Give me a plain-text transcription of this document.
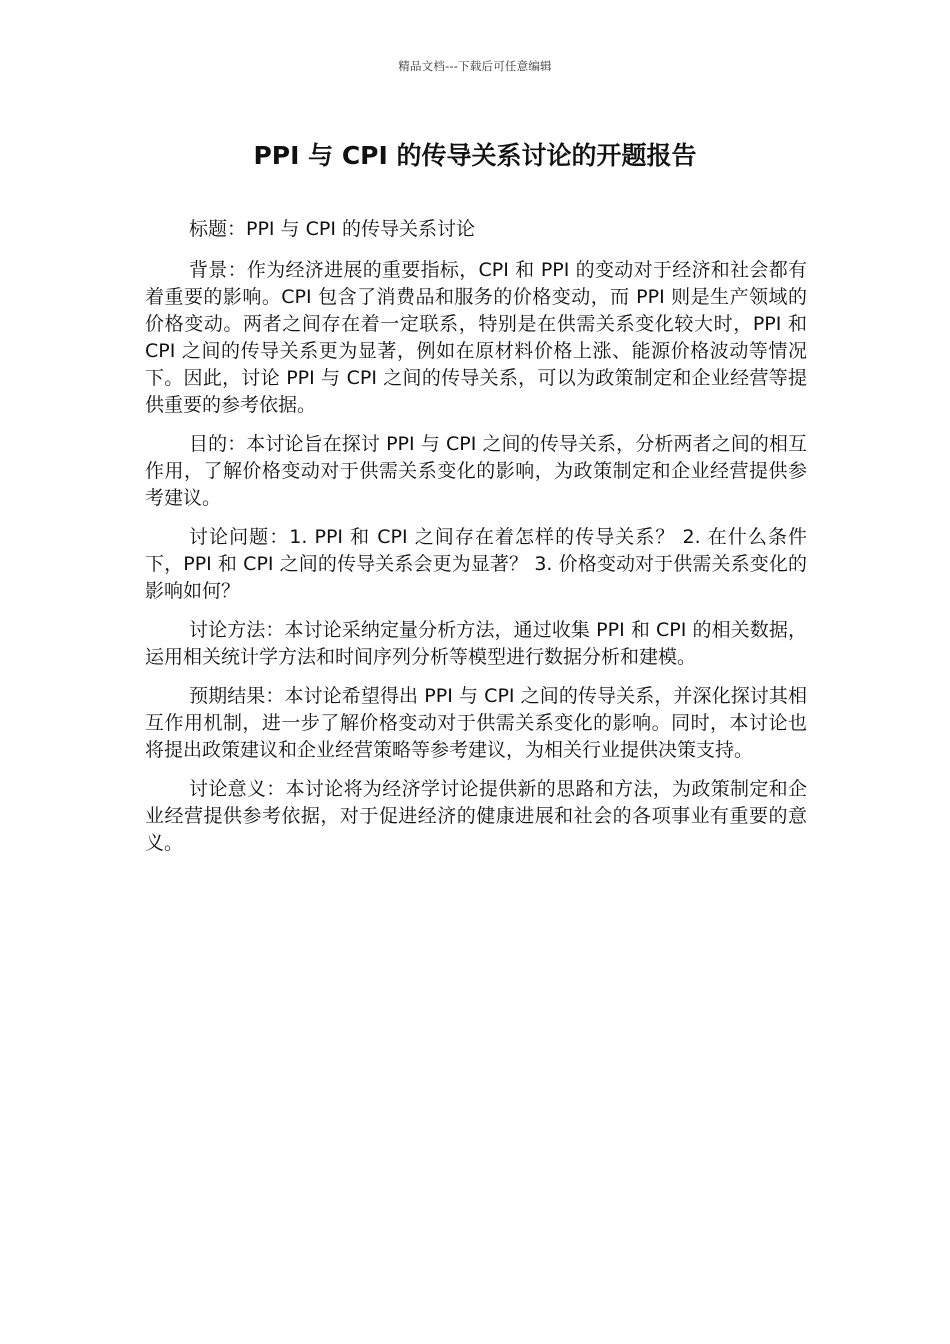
精品文档---下载后可任意编辑
PPI 与 CPI 的传导关系讨论的开题报告

标题：PPI 与 CPI 的传导关系讨论

背景：作为经济进展的重要指标，CPI 和 PPI 的变动对于经济和社会都有着重要的影响。CPI 包含了消费品和服务的价格变动，而 PPI 则是生产领域的价格变动。两者之间存在着一定联系，特别是在供需关系变化较大时，PPI 和 CPI 之间的传导关系更为显著，例如在原材料价格上涨、能源价格波动等情况下。因此，讨论 PPI 与 CPI 之间的传导关系，可以为政策制定和企业经营等提供重要的参考依据。

目的：本讨论旨在探讨 PPI 与 CPI 之间的传导关系，分析两者之间的相互作用，了解价格变动对于供需关系变化的影响，为政策制定和企业经营提供参考建议。

讨论问题：1. PPI 和 CPI 之间存在着怎样的传导关系？ 2. 在什么条件下，PPI 和 CPI 之间的传导关系会更为显著？ 3. 价格变动对于供需关系变化的影响如何？

讨论方法：本讨论采纳定量分析方法，通过收集 PPI 和 CPI 的相关数据，运用相关统计学方法和时间序列分析等模型进行数据分析和建模。

预期结果：本讨论希望得出 PPI 与 CPI 之间的传导关系，并深化探讨其相互作用机制，进一步了解价格变动对于供需关系变化的影响。同时，本讨论也将提出政策建议和企业经营策略等参考建议，为相关行业提供决策支持。

讨论意义：本讨论将为经济学讨论提供新的思路和方法，为政策制定和企业经营提供参考依据，对于促进经济的健康进展和社会的各项事业有重要的意义。
